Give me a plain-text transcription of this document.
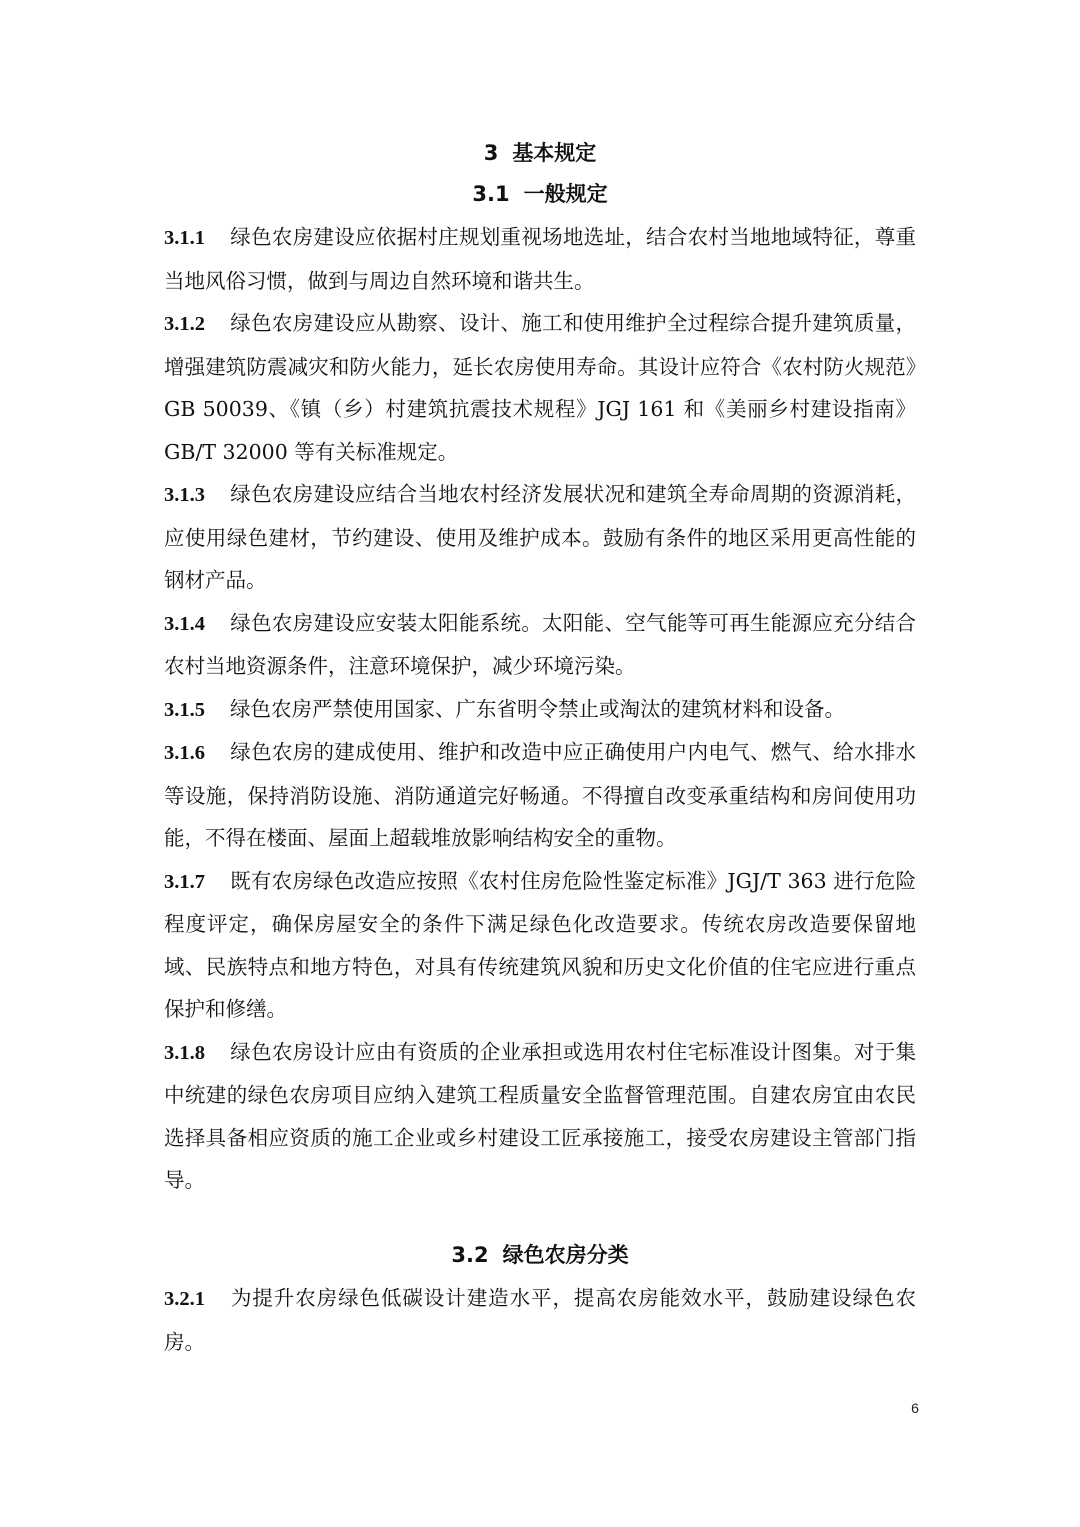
3 基本规定
3.1 一般规定

3.1.1 绿色农房建设应依据村庄规划重视场地选址，结合农村当地地域特征，尊重当地风俗习惯，做到与周边自然环境和谐共生。

3.1.2 绿色农房建设应从勘察、设计、施工和使用维护全过程综合提升建筑质量，增强建筑防震减灾和防火能力，延长农房使用寿命。其设计应符合《农村防火规范》GB 50039、《镇（乡）村建筑抗震技术规程》JGJ 161 和《美丽乡村建设指南》GB/T 32000 等有关标准规定。

3.1.3 绿色农房建设应结合当地农村经济发展状况和建筑全寿命周期的资源消耗，应使用绿色建材，节约建设、使用及维护成本。鼓励有条件的地区采用更高性能的钢材产品。

3.1.4 绿色农房建设应安装太阳能系统。太阳能、空气能等可再生能源应充分结合农村当地资源条件，注意环境保护，减少环境污染。

3.1.5 绿色农房严禁使用国家、广东省明令禁止或淘汰的建筑材料和设备。

3.1.6 绿色农房的建成使用、维护和改造中应正确使用户内电气、燃气、给水排水等设施，保持消防设施、消防通道完好畅通。不得擅自改变承重结构和房间使用功能，不得在楼面、屋面上超载堆放影响结构安全的重物。

3.1.7 既有农房绿色改造应按照《农村住房危险性鉴定标准》JGJ/T 363 进行危险程度评定，确保房屋安全的条件下满足绿色化改造要求。传统农房改造要保留地域、民族特点和地方特色，对具有传统建筑风貌和历史文化价值的住宅应进行重点保护和修缮。

3.1.8 绿色农房设计应由有资质的企业承担或选用农村住宅标准设计图集。对于集中统建的绿色农房项目应纳入建筑工程质量安全监督管理范围。自建农房宜由农民选择具备相应资质的施工企业或乡村建设工匠承接施工，接受农房建设主管部门指导。

3.2 绿色农房分类

3.2.1 为提升农房绿色低碳设计建造水平，提高农房能效水平，鼓励建设绿色农房。

6
